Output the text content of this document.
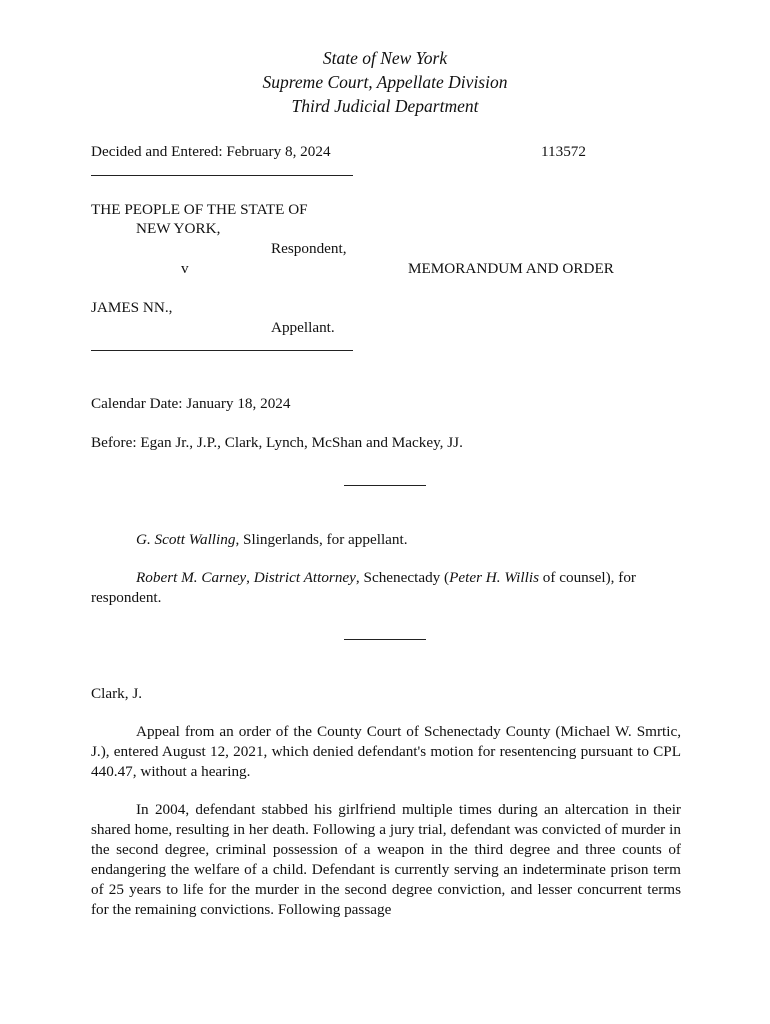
State of New York
Supreme Court, Appellate Division
Third Judicial Department
Decided and Entered: February 8, 2024	113572
THE PEOPLE OF THE STATE OF
NEW YORK,
Respondent,
v	MEMORANDUM AND ORDER
JAMES NN.,
Appellant.
Calendar Date: January 18, 2024
Before: Egan Jr., J.P., Clark, Lynch, McShan and Mackey, JJ.
G. Scott Walling, Slingerlands, for appellant.
Robert M. Carney, District Attorney, Schenectady (Peter H. Willis of counsel), for
respondent.
Clark, J.

Appeal from an order of the County Court of Schenectady County (Michael W. Smrtic, J.), entered August 12, 2021, which denied defendant's motion for resentencing pursuant to CPL 440.47, without a hearing.

In 2004, defendant stabbed his girlfriend multiple times during an altercation in their shared home, resulting in her death. Following a jury trial, defendant was convicted of murder in the second degree, criminal possession of a weapon in the third degree and three counts of endangering the welfare of a child. Defendant is currently serving an indeterminate prison term of 25 years to life for the murder in the second degree conviction, and lesser concurrent terms for the remaining convictions. Following passage
